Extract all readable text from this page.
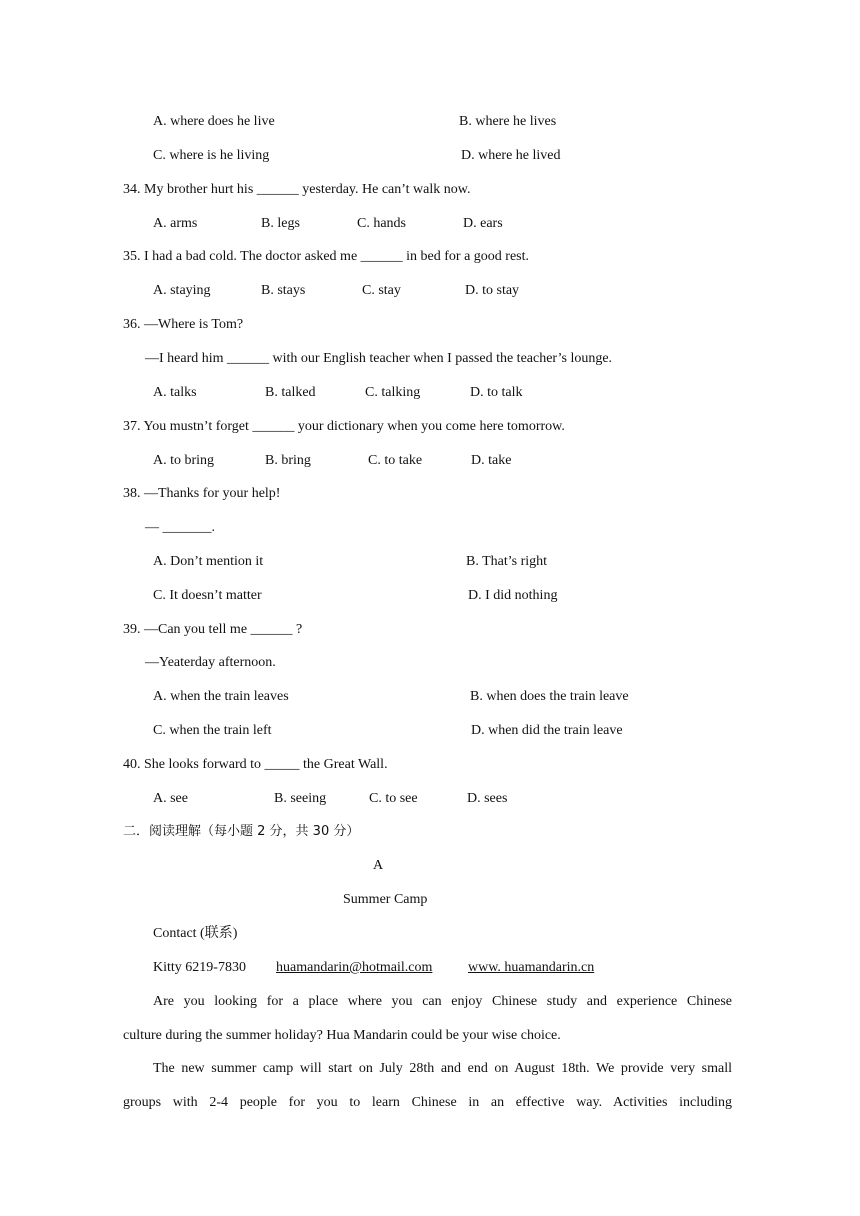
A. where does he live	B. where he lives
C. where is he living	D. where he lived
34. My brother hurt his ______ yesterday. He can’t walk now.
A. arms	B. legs	C. hands	D. ears
35. I had a bad cold. The doctor asked me ______ in bed for a good rest.
A. staying	B. stays	C. stay	D. to stay
36. —Where is Tom?
—I heard him ______ with our English teacher when I passed the teacher’s lounge.
A. talks	B. talked	C. talking	D. to talk
37. You mustn’t forget ______ your dictionary when you come here tomorrow.
A. to bring	B. bring	C. to take	D. take
38. —Thanks for your help!
— _______.
A. Don’t mention it	B. That’s right
C. It doesn’t matter	D. I did nothing
39. —Can you tell me ______ ?
—Yeaterday afternoon.
A. when the train leaves	B. when does the train leave
C. when the train left	D. when did the train leave
40. She looks forward to _____ the Great Wall.
A. see	B. seeing	C. to see	D. sees
二．阅读理解（每小题 2 分，共 30 分）
A
Summer Camp
Contact (联系)
Kitty 6219-7830 huamandarin@hotmail.com	www. huamandarin.cn
Are you looking for a place where you can enjoy Chinese study and experience Chinese
culture during the summer holiday? Hua Mandarin could be your wise choice.
The new summer camp will start on July 28th and end on August 18th. We provide very small
groups with 2-4 people for you to learn Chinese in an effective way. Activities including
